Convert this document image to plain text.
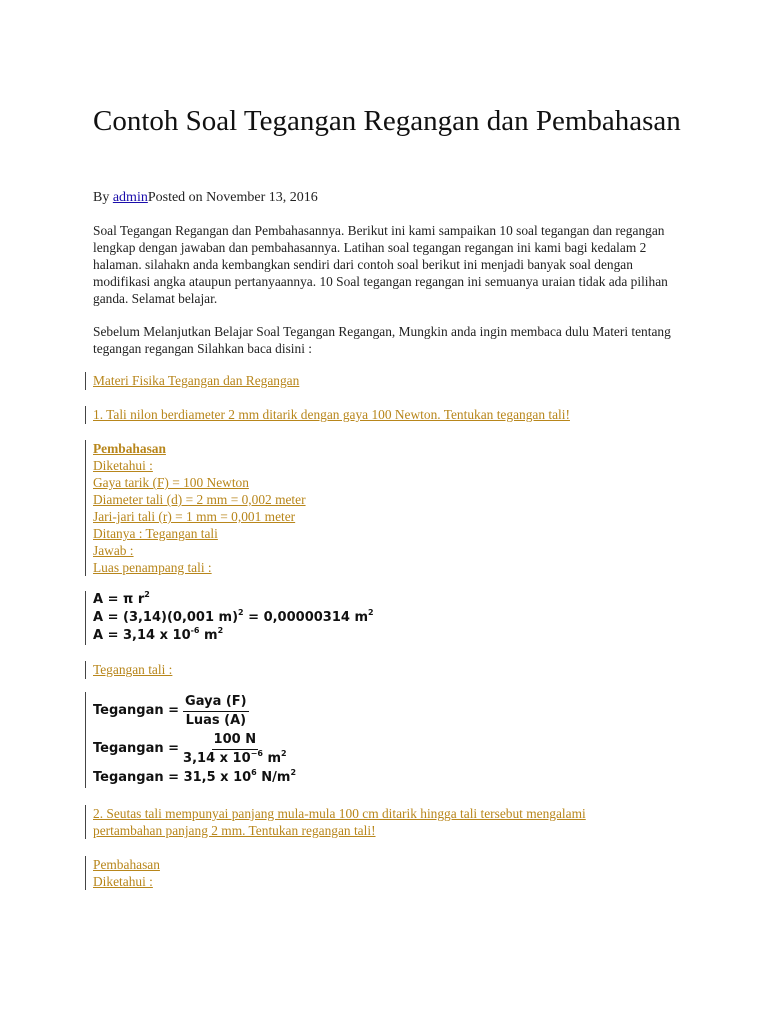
Contoh Soal Tegangan Regangan dan Pembahasan
By adminPosted on November 13, 2016
Soal Tegangan Regangan dan Pembahasannya. Berikut ini kami sampaikan 10 soal tegangan dan regangan lengkap dengan jawaban dan pembahasannya. Latihan soal tegangan regangan ini kami bagi kedalam 2 halaman. silahakn anda kembangkan sendiri dari contoh soal berikut ini menjadi banyak soal dengan modifikasi angka ataupun pertanyaannya. 10 Soal tegangan regangan ini semuanya uraian tidak ada pilihan ganda. Selamat belajar.
Sebelum Melanjutkan Belajar Soal Tegangan Regangan, Mungkin anda ingin membaca dulu Materi tentang tegangan regangan Silahkan baca disini :
Materi Fisika Tegangan dan Regangan
1. Tali nilon berdiameter 2 mm ditarik dengan gaya 100 Newton. Tentukan tegangan tali!
Pembahasan
Diketahui :
Gaya tarik (F) = 100 Newton
Diameter tali (d) = 2 mm = 0,002 meter
Jari-jari tali (r) = 1 mm = 0,001 meter
Ditanya : Tegangan tali
Jawab :
Luas penampang tali :
A = π $r^2$
A = (3,14)(0,001 m)$^2$ = 0,00000314 $m^2$
A = 3,14 x $10^{-6}$ $m^2$
Tegangan tali :
Tegangan = $\frac{\text{Gaya (F)}}{\text{Luas (A)}}$
Tegangan = $\frac{100 N}{3,14 x 10^{-6} m^2}$
Tegangan = 31,5 x $10^6$ $N/m^2$
2. Seutas tali mempunyai panjang mula-mula 100 cm ditarik hingga tali tersebut mengalami
pertambahan panjang 2 mm. Tentukan regangan tali!
Pembahasan
Diketahui :
